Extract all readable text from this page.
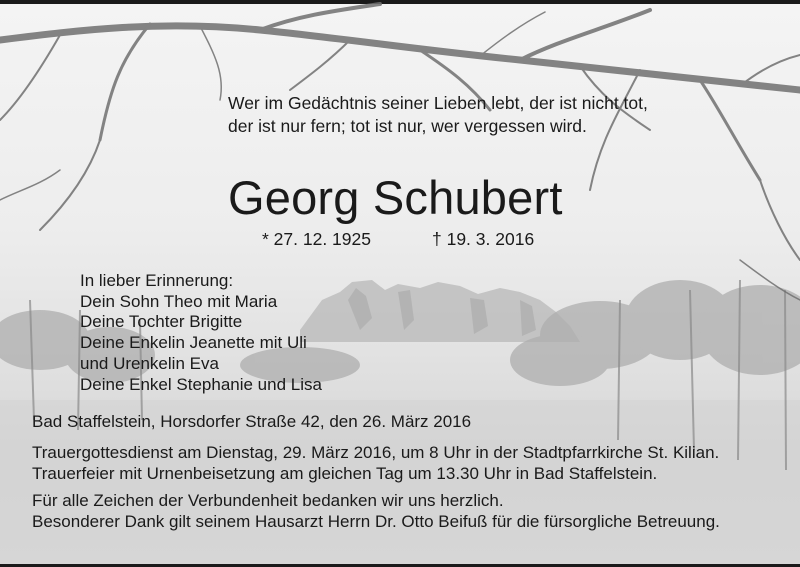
Wer im Gedächtnis seiner Lieben lebt, der ist nicht tot,
der ist nur fern; tot ist nur, wer vergessen wird.
Georg Schubert
* 27. 12. 1925	† 19. 3. 2016
In lieber Erinnerung:
Dein Sohn Theo mit Maria
Deine Tochter Brigitte
Deine Enkelin Jeanette mit Uli
und Urenkelin Eva
Deine Enkel Stephanie und Lisa
Bad Staffelstein, Horsdorfer Straße 42, den 26. März 2016
Trauergottesdienst am Dienstag, 29. März 2016, um 8 Uhr in der Stadtpfarrkirche St. Kilian.
Trauerfeier mit Urnenbeisetzung am gleichen Tag um 13.30 Uhr in Bad Staffelstein.
Für alle Zeichen der Verbundenheit bedanken wir uns herzlich.
Besonderer Dank gilt seinem Hausarzt Herrn Dr. Otto Beifuß für die fürsorgliche Betreuung.
